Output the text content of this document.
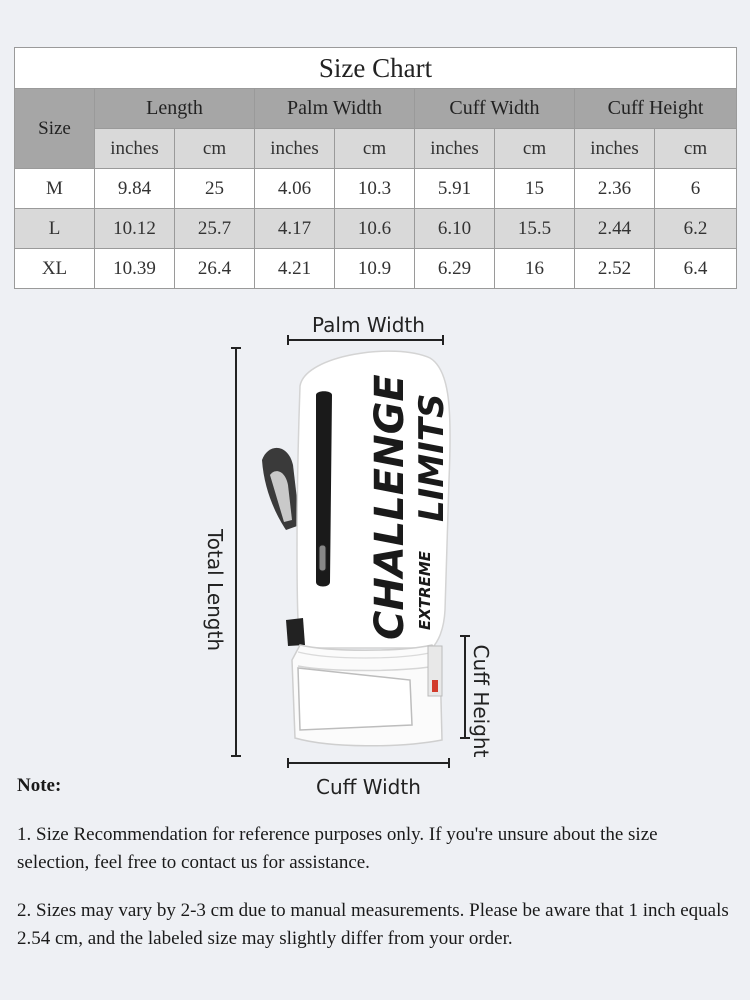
Size Chart								
Size	Length		Palm Width		Cuff Width		Cuff Height	
	inches	cm	inches	cm	inches	cm	inches	cm
M	9.84	25	4.06	10.3	5.91	15	2.36	6
L	10.12	25.7	4.17	10.6	6.10	15.5	2.44	6.2
XL	10.39	26.4	4.21	10.9	6.29	16	2.52	6.4
CHALLENGE EXTREME
LIMITS
Palm Width
Total Length
Cuff Height
Cuff Width

Note:

1. Size Recommendation for reference purposes only. If you're unsure about the size selection, feel free to contact us for assistance.

2. Sizes may vary by 2-3 cm due to manual measurements. Please be aware that 1 inch equals 2.54 cm, and the labeled size may slightly differ from your order.
